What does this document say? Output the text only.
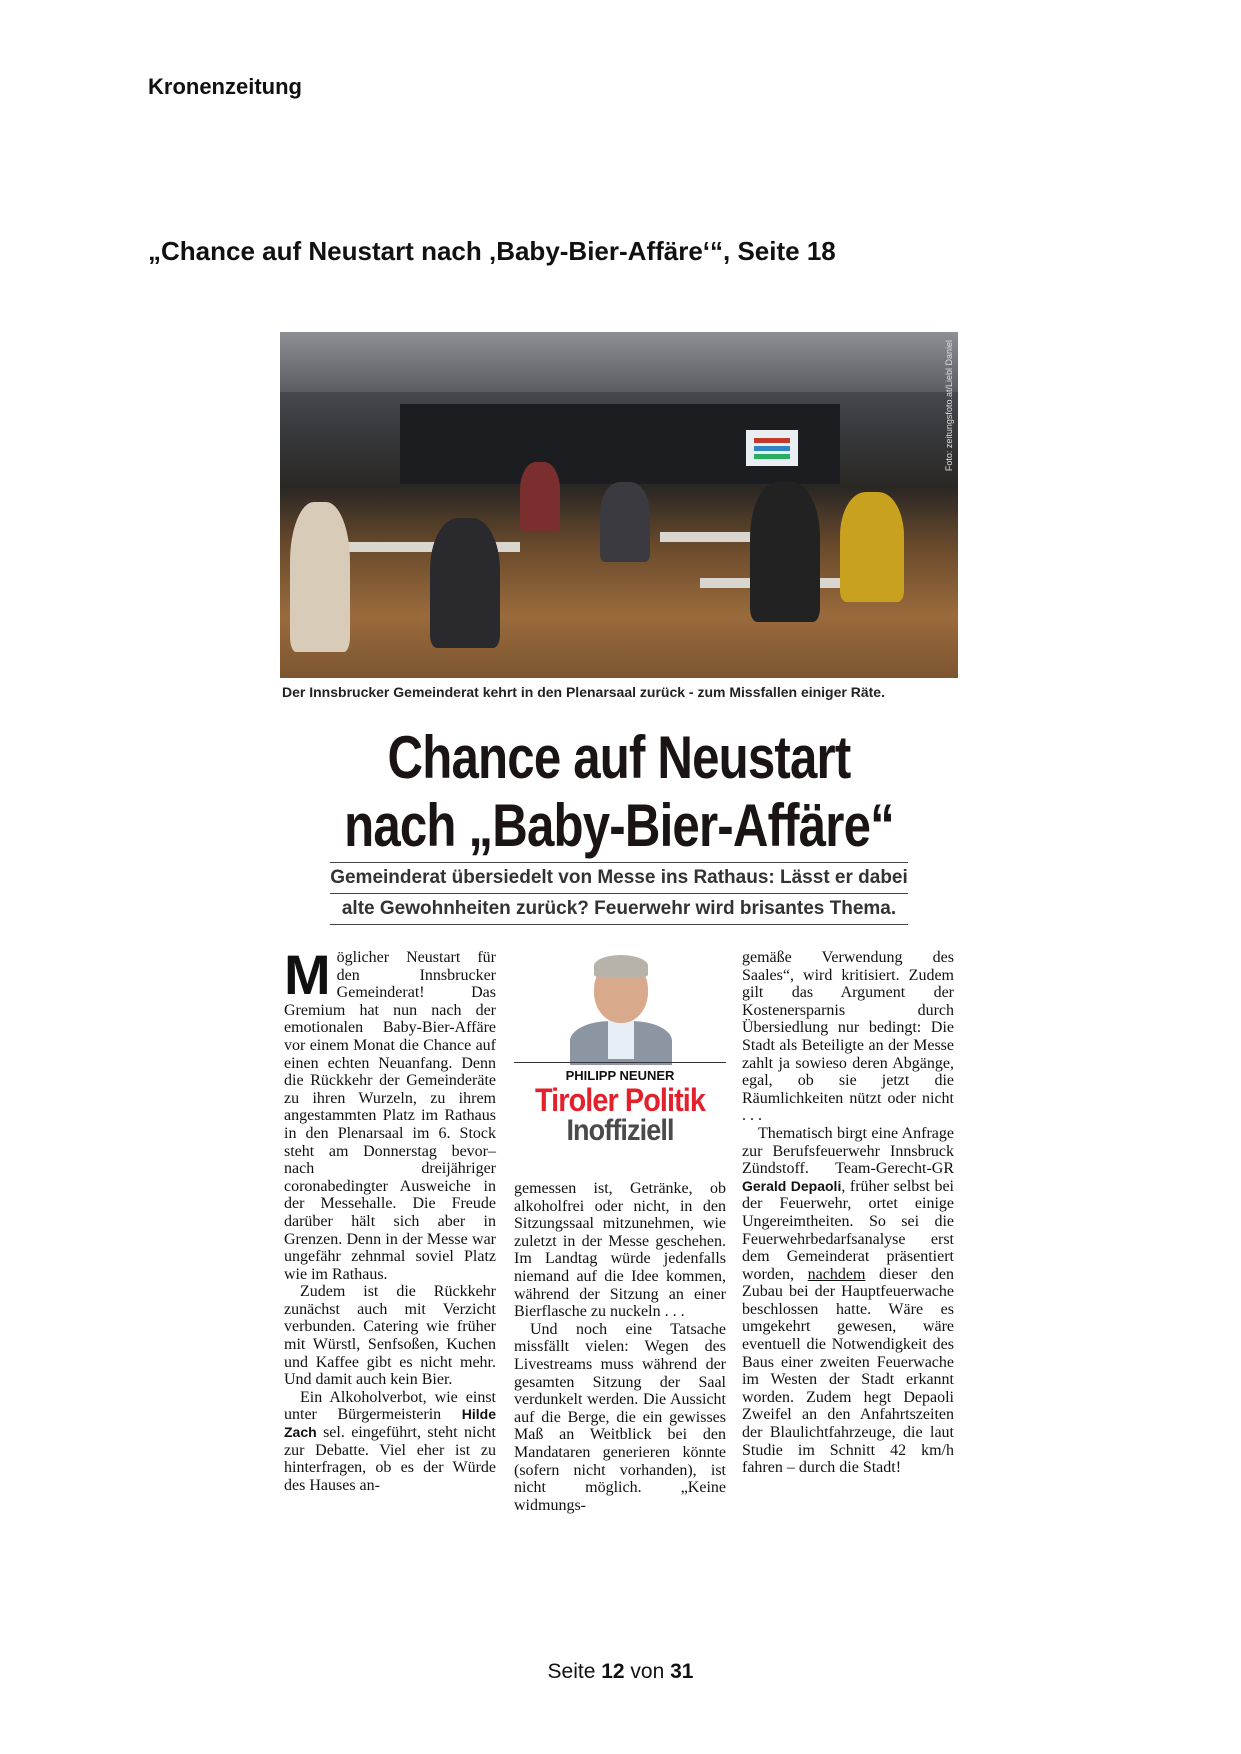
Kronenzeitung
„Chance auf Neustart nach ‚Baby-Bier-Affäre‘“, Seite 18
Foto: zeitungsfoto.at/Liebl Daniel
Der Innsbrucker Gemeinderat kehrt in den Plenarsaal zurück - zum Missfallen einiger Räte.
Chance auf Neustart
nach „Baby-Bier-Affäre“
Gemeinderat übersiedelt von Messe ins Rathaus: Lässt er dabei
alte Gewohnheiten zurück? Feuerwehr wird brisantes Thema.

Möglicher Neustart für den Innsbrucker Gemeinderat! Das Gremium hat nun nach der emotionalen Baby-Bier-Affäre vor einem Monat die Chance auf einen echten Neuanfang. Denn die Rückkehr der Gemeinderäte zu ihren Wurzeln, zu ihrem angestammten Platz im Rathaus in den Plenarsaal im 6. Stock steht am Donnerstag bevor– nach dreijähriger coronabedingter Ausweiche in der Messehalle. Die Freude darüber hält sich aber in Grenzen. Denn in der Messe war ungefähr zehnmal soviel Platz wie im Rathaus.

Zudem ist die Rückkehr zunächst auch mit Verzicht verbunden. Catering wie früher mit Würstl, Senfsoßen, Kuchen und Kaffee gibt es nicht mehr. Und damit auch kein Bier.

Ein Alkoholverbot, wie einst unter Bürgermeisterin Hilde Zach sel. eingeführt, steht nicht zur Debatte. Viel eher ist zu hinterfragen, ob es der Würde des Hauses an-

PHILIPP NEUNER
Tiroler Politik
Inoffiziell

gemessen ist, Getränke, ob alkoholfrei oder nicht, in den Sitzungssaal mitzunehmen, wie zuletzt in der Messe geschehen. Im Landtag würde jedenfalls niemand auf die Idee kommen, während der Sitzung an einer Bierflasche zu nuckeln . . .

Und noch eine Tatsache missfällt vielen: Wegen des Livestreams muss während der gesamten Sitzung der Saal verdunkelt werden. Die Aussicht auf die Berge, die ein gewisses Maß an Weitblick bei den Mandataren generieren könnte (sofern nicht vorhanden), ist nicht möglich. „Keine widmungs-

gemäße Verwendung des Saales“, wird kritisiert. Zudem gilt das Argument der Kostenersparnis durch Übersiedlung nur bedingt: Die Stadt als Beteiligte an der Messe zahlt ja sowieso deren Abgänge, egal, ob sie jetzt die Räumlichkeiten nützt oder nicht . . .

Thematisch birgt eine Anfrage zur Berufsfeuerwehr Innsbruck Zündstoff. Team-Gerecht-GR Gerald Depaoli, früher selbst bei der Feuerwehr, ortet einige Ungereimtheiten. So sei die Feuerwehrbedarfsanalyse erst dem Gemeinderat präsentiert worden, nachdem dieser den Zubau bei der Hauptfeuerwache beschlossen hatte. Wäre es umgekehrt gewesen, wäre eventuell die Notwendigkeit des Baus einer zweiten Feuerwache im Westen der Stadt erkannt worden. Zudem hegt Depaoli Zweifel an den Anfahrtszeiten der Blaulichtfahrzeuge, die laut Studie im Schnitt 42 km/h fahren – durch die Stadt!

Seite 12 von 31
